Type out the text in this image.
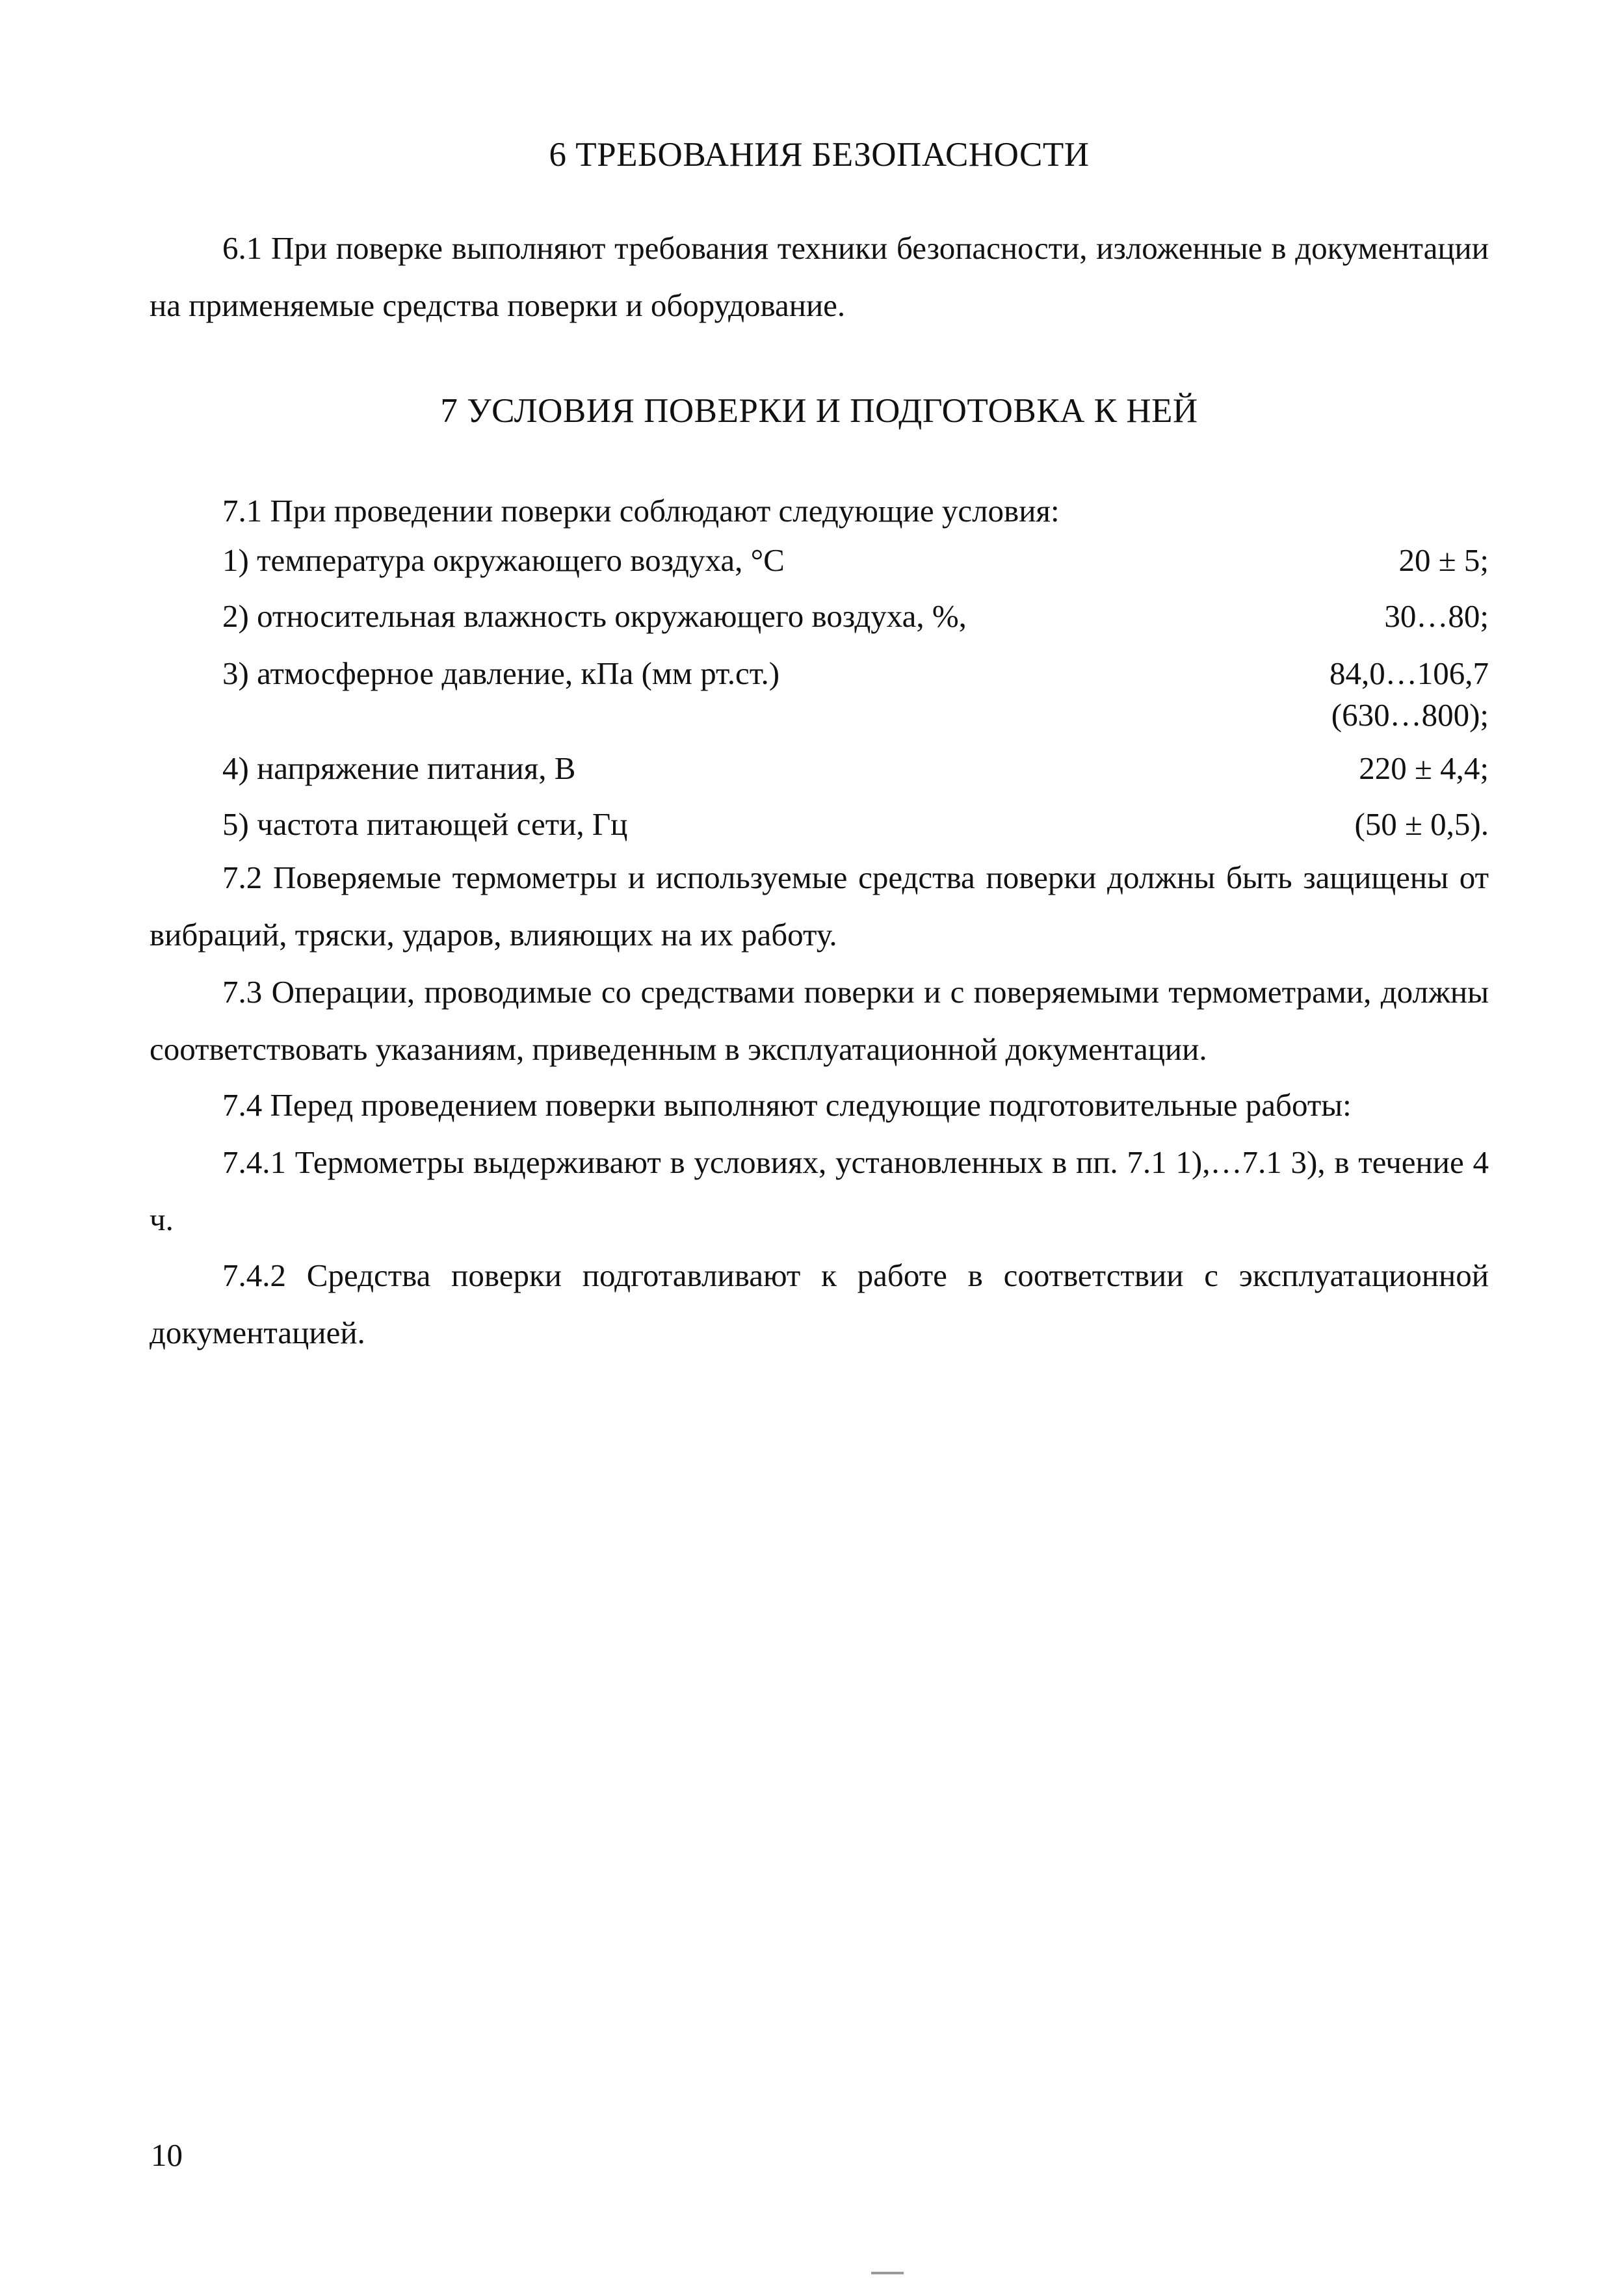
6 ТРЕБОВАНИЯ БЕЗОПАСНОСТИ
6.1 При поверке выполняют требования техники безопасности, изложенные в документации на применяемые средства поверки и оборудование.
7 УСЛОВИЯ ПОВЕРКИ И ПОДГОТОВКА К НЕЙ
7.1 При проведении поверки соблюдают следующие условия:
1) температура окружающего воздуха, °С	20 ± 5;
2) относительная влажность окружающего воздуха, %,	30…80;
3) атмосферное давление, кПа (мм рт.ст.)	84,0…106,7
(630…800);
4) напряжение питания, В	220 ± 4,4;
5) частота питающей сети, Гц	(50 ± 0,5).
7.2 Поверяемые термометры и используемые средства поверки должны быть защищены от вибраций, тряски, ударов, влияющих на их работу.
7.3 Операции, проводимые со средствами поверки и с поверяемыми термометрами, должны соответствовать указаниям, приведенным в эксплуатационной документации.
7.4 Перед проведением поверки выполняют следующие подготовительные работы:
7.4.1 Термометры выдерживают в условиях, установленных в пп. 7.1 1),…7.1 3), в течение 4 ч.
7.4.2 Средства поверки подготавливают к работе в соответствии с эксплуатационной документацией.
10
